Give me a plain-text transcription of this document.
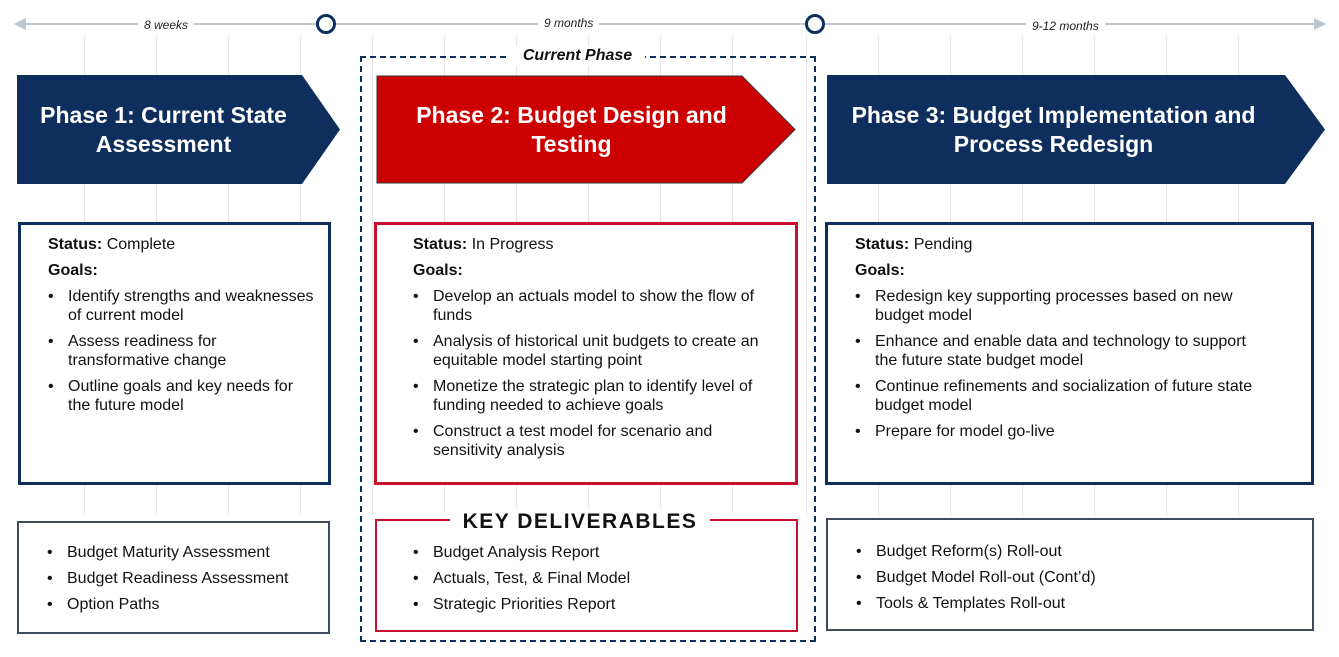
8 weeks	9 months	9-12 months
Current Phase
Phase 1: Current State Assessment
Phase 2: Budget Design and Testing
Phase 3: Budget Implementation and Process Redesign
Status: Complete
Goals:
• Identify strengths and weaknesses of current model
• Assess readiness for transformative change
• Outline goals and key needs for the future model
Status: In Progress
Goals:
• Develop an actuals model to show the flow of funds
• Analysis of historical unit budgets to create an equitable model starting point
• Monetize the strategic plan to identify level of funding needed to achieve goals
• Construct a test model for scenario and sensitivity analysis
Status: Pending
Goals:
• Redesign key supporting processes based on new budget model
• Enhance and enable data and technology to support the future state budget model
• Continue refinements and socialization of future state budget model
• Prepare for model go-live
• Budget Maturity Assessment
• Budget Readiness Assessment
• Option Paths
• Budget Analysis Report
• Actuals, Test, & Final Model
• Strategic Priorities Report
KEY DELIVERABLES
• Budget Reform(s) Roll-out
• Budget Model Roll-out (Cont’d)
• Tools & Templates Roll-out
